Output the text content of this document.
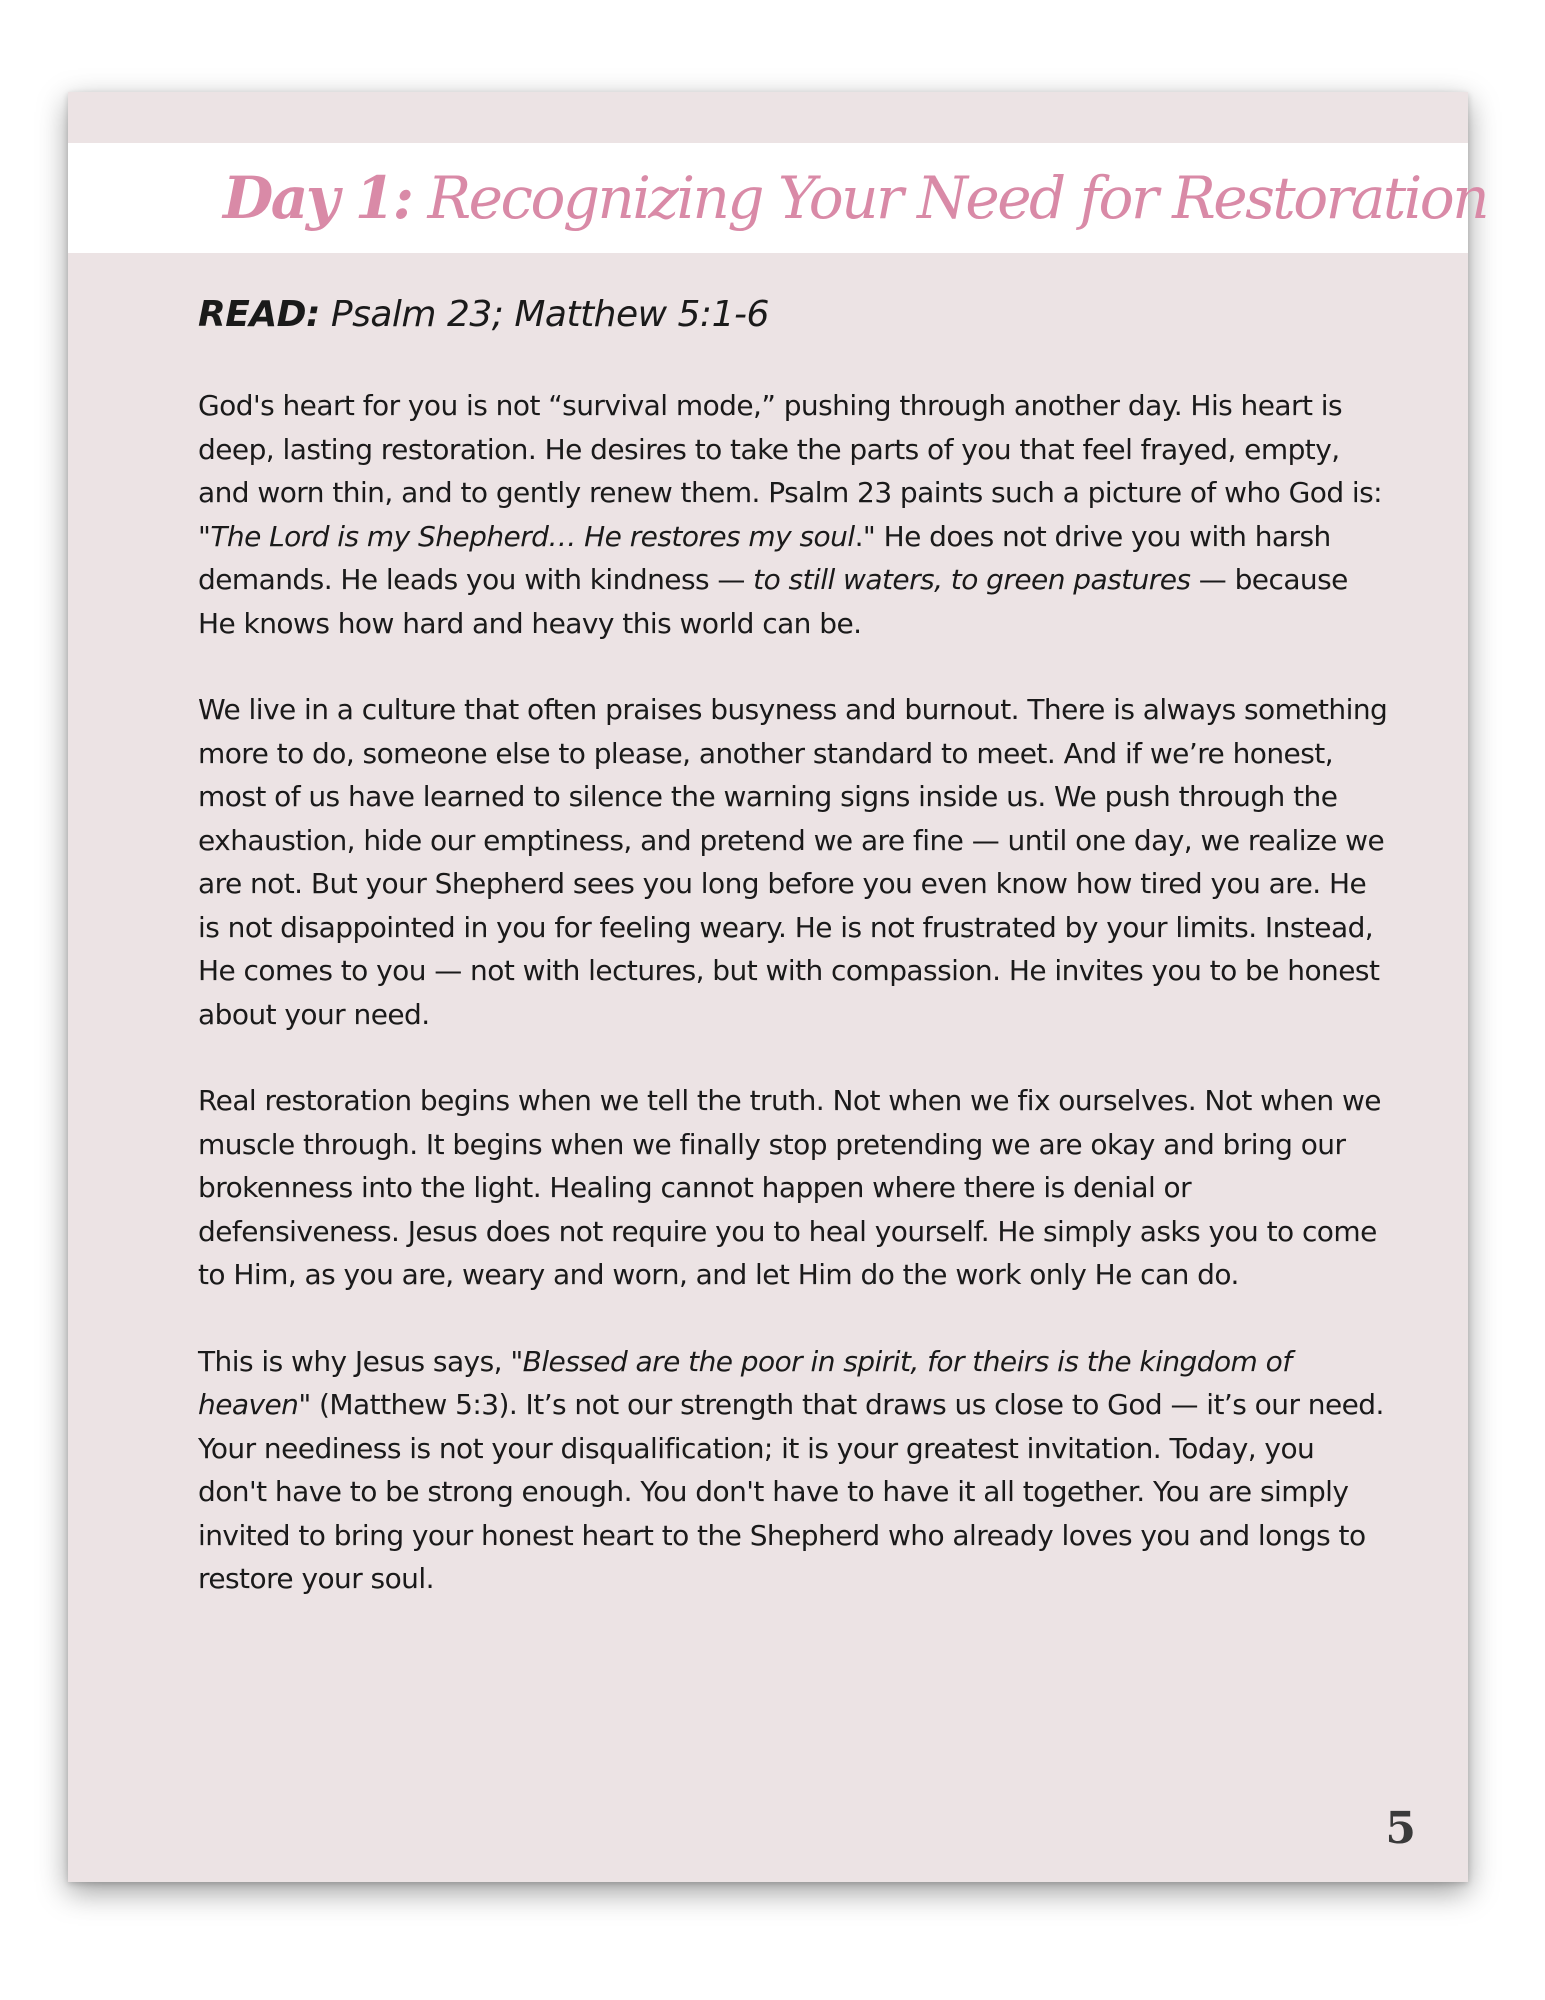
Day 1: Recognizing Your Need for Restoration

READ: Psalm 23; Matthew 5:1-6

God's heart for you is not “survival mode,” pushing through another day. His heart is deep, lasting restoration. He desires to take the parts of you that feel frayed, empty, and worn thin, and to gently renew them. Psalm 23 paints such a picture of who God is: "The Lord is my Shepherd… He restores my soul." He does not drive you with harsh demands. He leads you with kindness — to still waters, to green pastures — because He knows how hard and heavy this world can be.

We live in a culture that often praises busyness and burnout. There is always something more to do, someone else to please, another standard to meet. And if we’re honest, most of us have learned to silence the warning signs inside us. We push through the exhaustion, hide our emptiness, and pretend we are fine — until one day, we realize we are not. But your Shepherd sees you long before you even know how tired you are. He is not disappointed in you for feeling weary. He is not frustrated by your limits. Instead, He comes to you — not with lectures, but with compassion. He invites you to be honest about your need.

Real restoration begins when we tell the truth. Not when we fix ourselves. Not when we muscle through. It begins when we finally stop pretending we are okay and bring our brokenness into the light. Healing cannot happen where there is denial or defensiveness. Jesus does not require you to heal yourself. He simply asks you to come to Him, as you are, weary and worn, and let Him do the work only He can do.

This is why Jesus says, "Blessed are the poor in spirit, for theirs is the kingdom of heaven" (Matthew 5:3). It’s not our strength that draws us close to God — it’s our need. Your neediness is not your disqualification; it is your greatest invitation. Today, you don't have to be strong enough. You don't have to have it all together. You are simply invited to bring your honest heart to the Shepherd who already loves you and longs to restore your soul.

5
